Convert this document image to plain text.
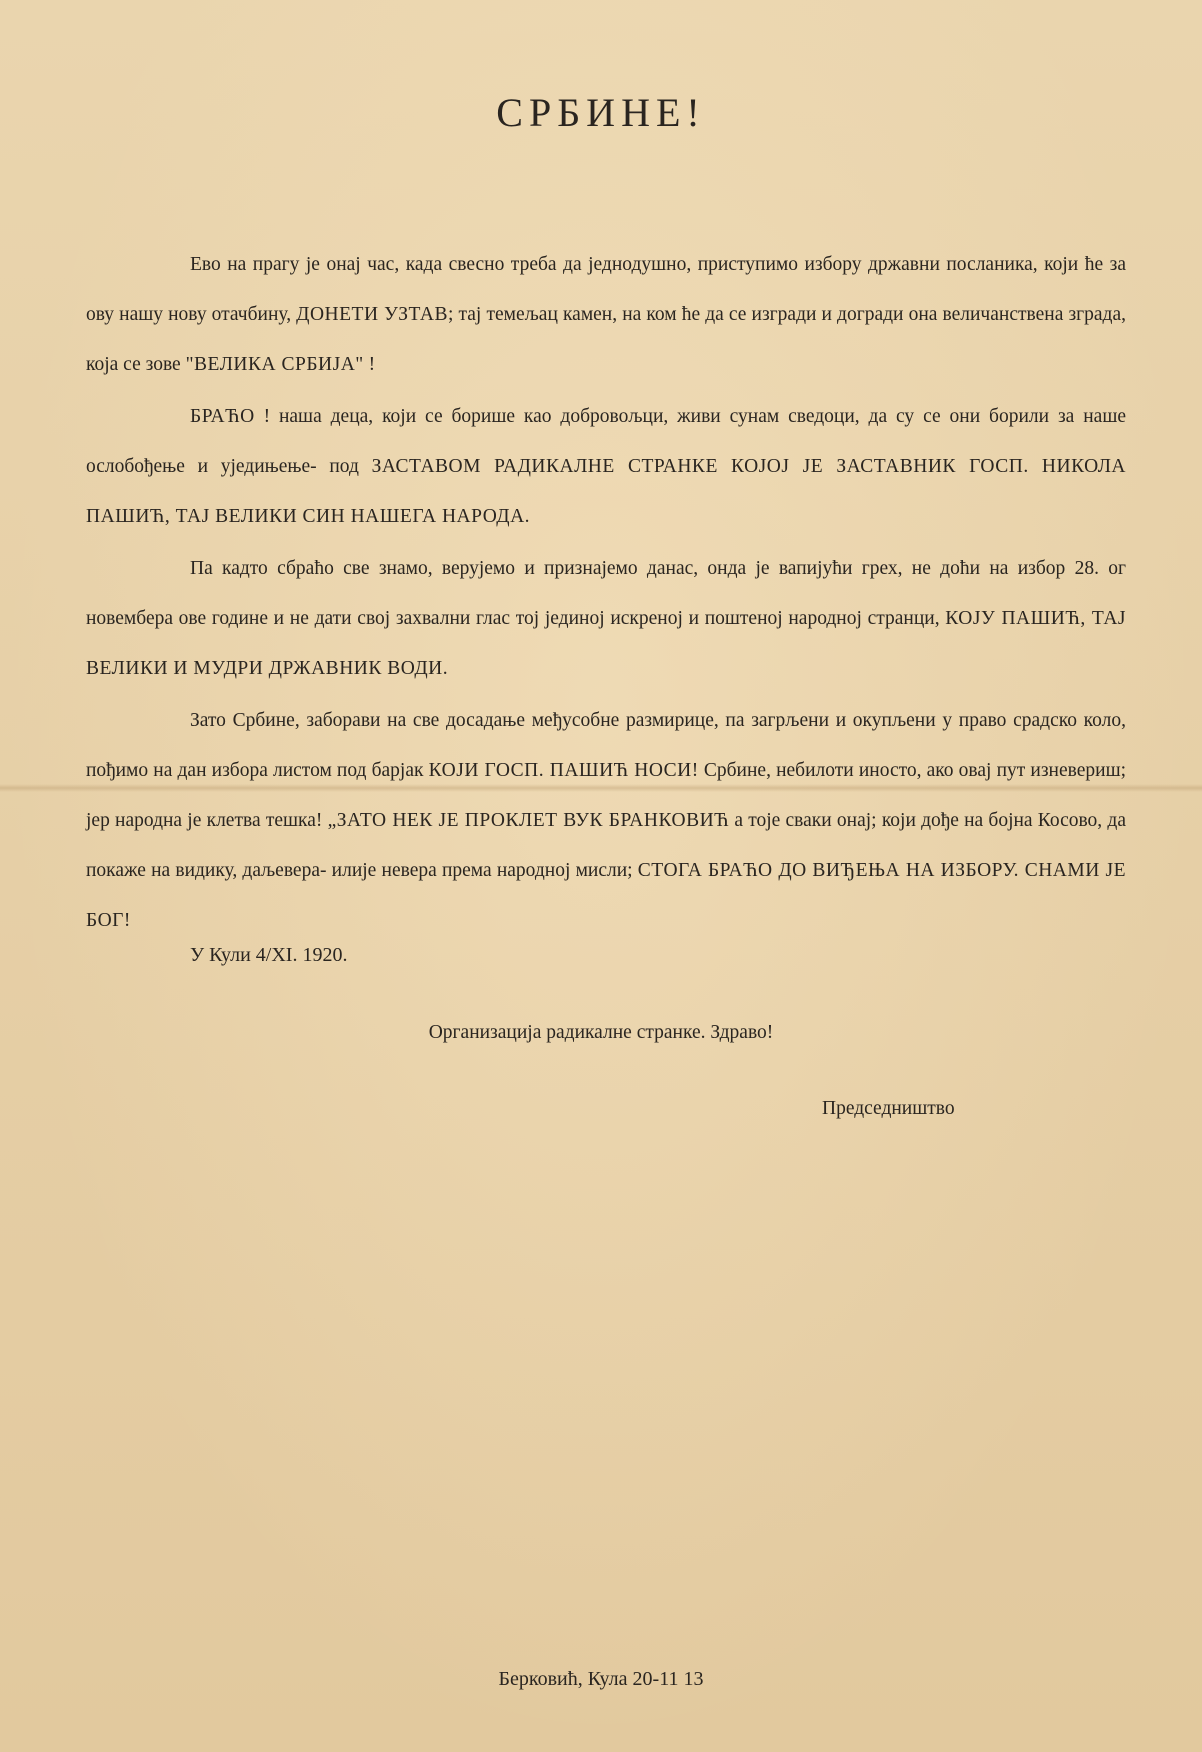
СРБИНЕ!

Ево на прагу је онај час, када свесно треба да једнодушно, приступимо избору државни посланика, који ће за ову нашу нову отачбину, ДОНЕТИ УЗТАВ; тај темељац камен, на ком ће да се изгради и догради она величанствена зграда, која се зове "ВЕЛИКА СРБИЈА" !

БРАЋО ! наша деца, који се борише као добровољци, живи сунам сведоци, да су се они борили за наше ослобођење и уједињење- под ЗАСТАВОМ РАДИКАЛНЕ СТРАНКЕ КОЈОЈ ЈЕ ЗАСТАВНИК ГОСП. НИКОЛА ПАШИЋ, ТАЈ ВЕЛИКИ СИН НАШЕГА НАРОДА.

Па кадто сбраћо све знамо, верујемо и признајемо данас, онда је вапијући грех, не доћи на избор 28. ог новембера ове године и не дати свој захвални глас тој јединој искреној и поштеној народној странци, КОЈУ ПАШИЋ, ТАЈ ВЕЛИКИ И МУДРИ ДРЖАВНИК ВОДИ.

Зато Србине, заборави на све досадање међусобне размирице, па загрљени и окупљени у право срадско коло, пођимо на дан избора листом под барјак КОЈИ ГОСП. ПАШИЋ НОСИ! Србине, небилоти иносто, ако овај пут изневериш; јер народна је клетва тешка! „ЗАТО НЕК ЈЕ ПРОКЛЕТ ВУК БРАНКОВИЋ а тоје сваки онај; који дође на бојна Косово, да покаже на видику, даљевера- илије невера према народној мисли; СТОГА БРАЋО ДО ВИЂЕЊА НА ИЗБОРУ. СНАМИ ЈЕ БОГ!

У Кули 4/XI. 1920.
Организација радикалне странке. Здраво!
Председништво
Берковић, Кула 20-11 13
